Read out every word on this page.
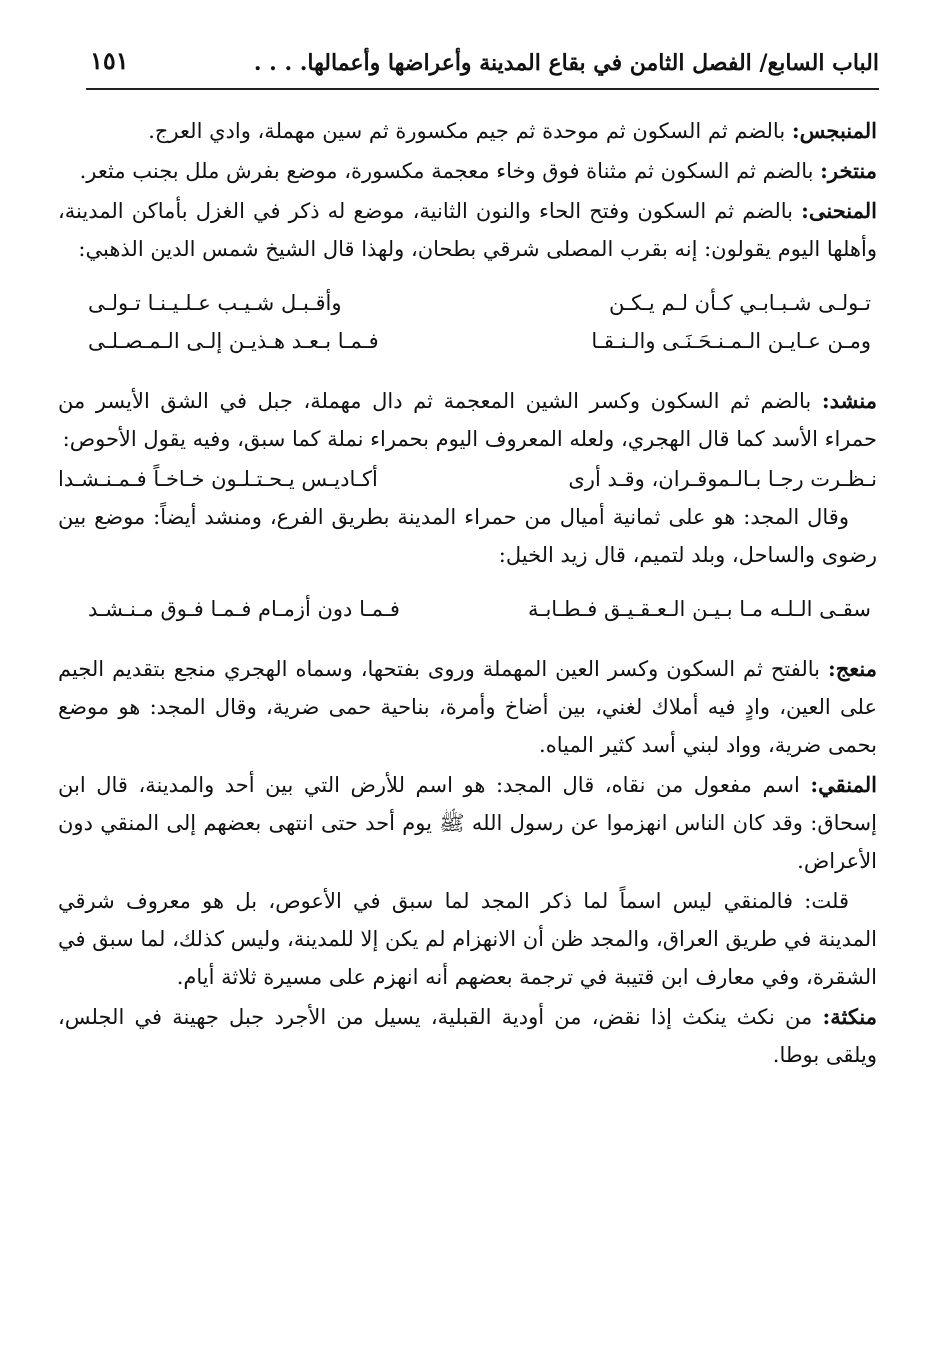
الباب السابع/ الفصل الثامن في بقاع المدينة وأعراضها وأعمالها. . . .
١٥١

المنبجس: بالضم ثم السكون ثم موحدة ثم جيم مكسورة ثم سين مهملة، وادي العرج.

منتخر: بالضم ثم السكون ثم مثناة فوق وخاء معجمة مكسورة، موضع بفرش ملل بجنب مثعر.

المنحنى: بالضم ثم السكون وفتح الحاء والنون الثانية، موضع له ذكر في الغزل بأماكن المدينة، وأهلها اليوم يقولون: إنه بقرب المصلى شرقي بطحان، ولهذا قال الشيخ شمس الدين الذهبي:

تـولـى شـبـابـي كـأن لـم يـكـن
وأقـبـل شـيـب عـلـيـنـا تـولـى
ومـن عـايـن الـمـنـحَـنَـى والـنـقـا
فـمـا بـعـد هـذيـن إلـى الـمـصـلـى

منشد: بالضم ثم السكون وكسر الشين المعجمة ثم دال مهملة، جبل في الشق الأيسر من حمراء الأسد كما قال الهجري، ولعله المعروف اليوم بحمراء نملة كما سبق، وفيه يقول الأحوص:

نـظـرت رجـا بـالـموقـران، وقـد أرى
أكـاديـس يـحـتـلـون خـاخـاً فـمـنـشـدا

وقال المجد: هو على ثمانية أميال من حمراء المدينة بطريق الفرع، ومنشد أيضاً: موضع بين رضوى والساحل، وبلد لتميم، قال زيد الخيل:

سقـى الـلـه مـا بـيـن الـعـقـيـق فـطـابـة
فـمـا دون أزمـام فـمـا فـوق مـنـشـد

منعج: بالفتح ثم السكون وكسر العين المهملة وروى بفتحها، وسماه الهجري منجع بتقديم الجيم على العين، وادٍ فيه أملاك لغني، بين أضاخ وأمرة، بناحية حمى ضرية، وقال المجد: هو موضع بحمى ضرية، وواد لبني أسد كثير المياه.

المنقي: اسم مفعول من نقاه، قال المجد: هو اسم للأرض التي بين أحد والمدينة، قال ابن إسحاق: وقد كان الناس انهزموا عن رسول الله ﷺ يوم أحد حتى انتهى بعضهم إلى المنقي دون الأعراض.

قلت: فالمنقي ليس اسماً لما ذكر المجد لما سبق في الأعوص، بل هو معروف شرقي المدينة في طريق العراق، والمجد ظن أن الانهزام لم يكن إلا للمدينة، وليس كذلك، لما سبق في الشقرة، وفي معارف ابن قتيبة في ترجمة بعضهم أنه انهزم على مسيرة ثلاثة أيام.

منكثة: من نكث ينكث إذا نقض، من أودية القبلية، يسيل من الأجرد جبل جهينة في الجلس، ويلقى بوطا.
